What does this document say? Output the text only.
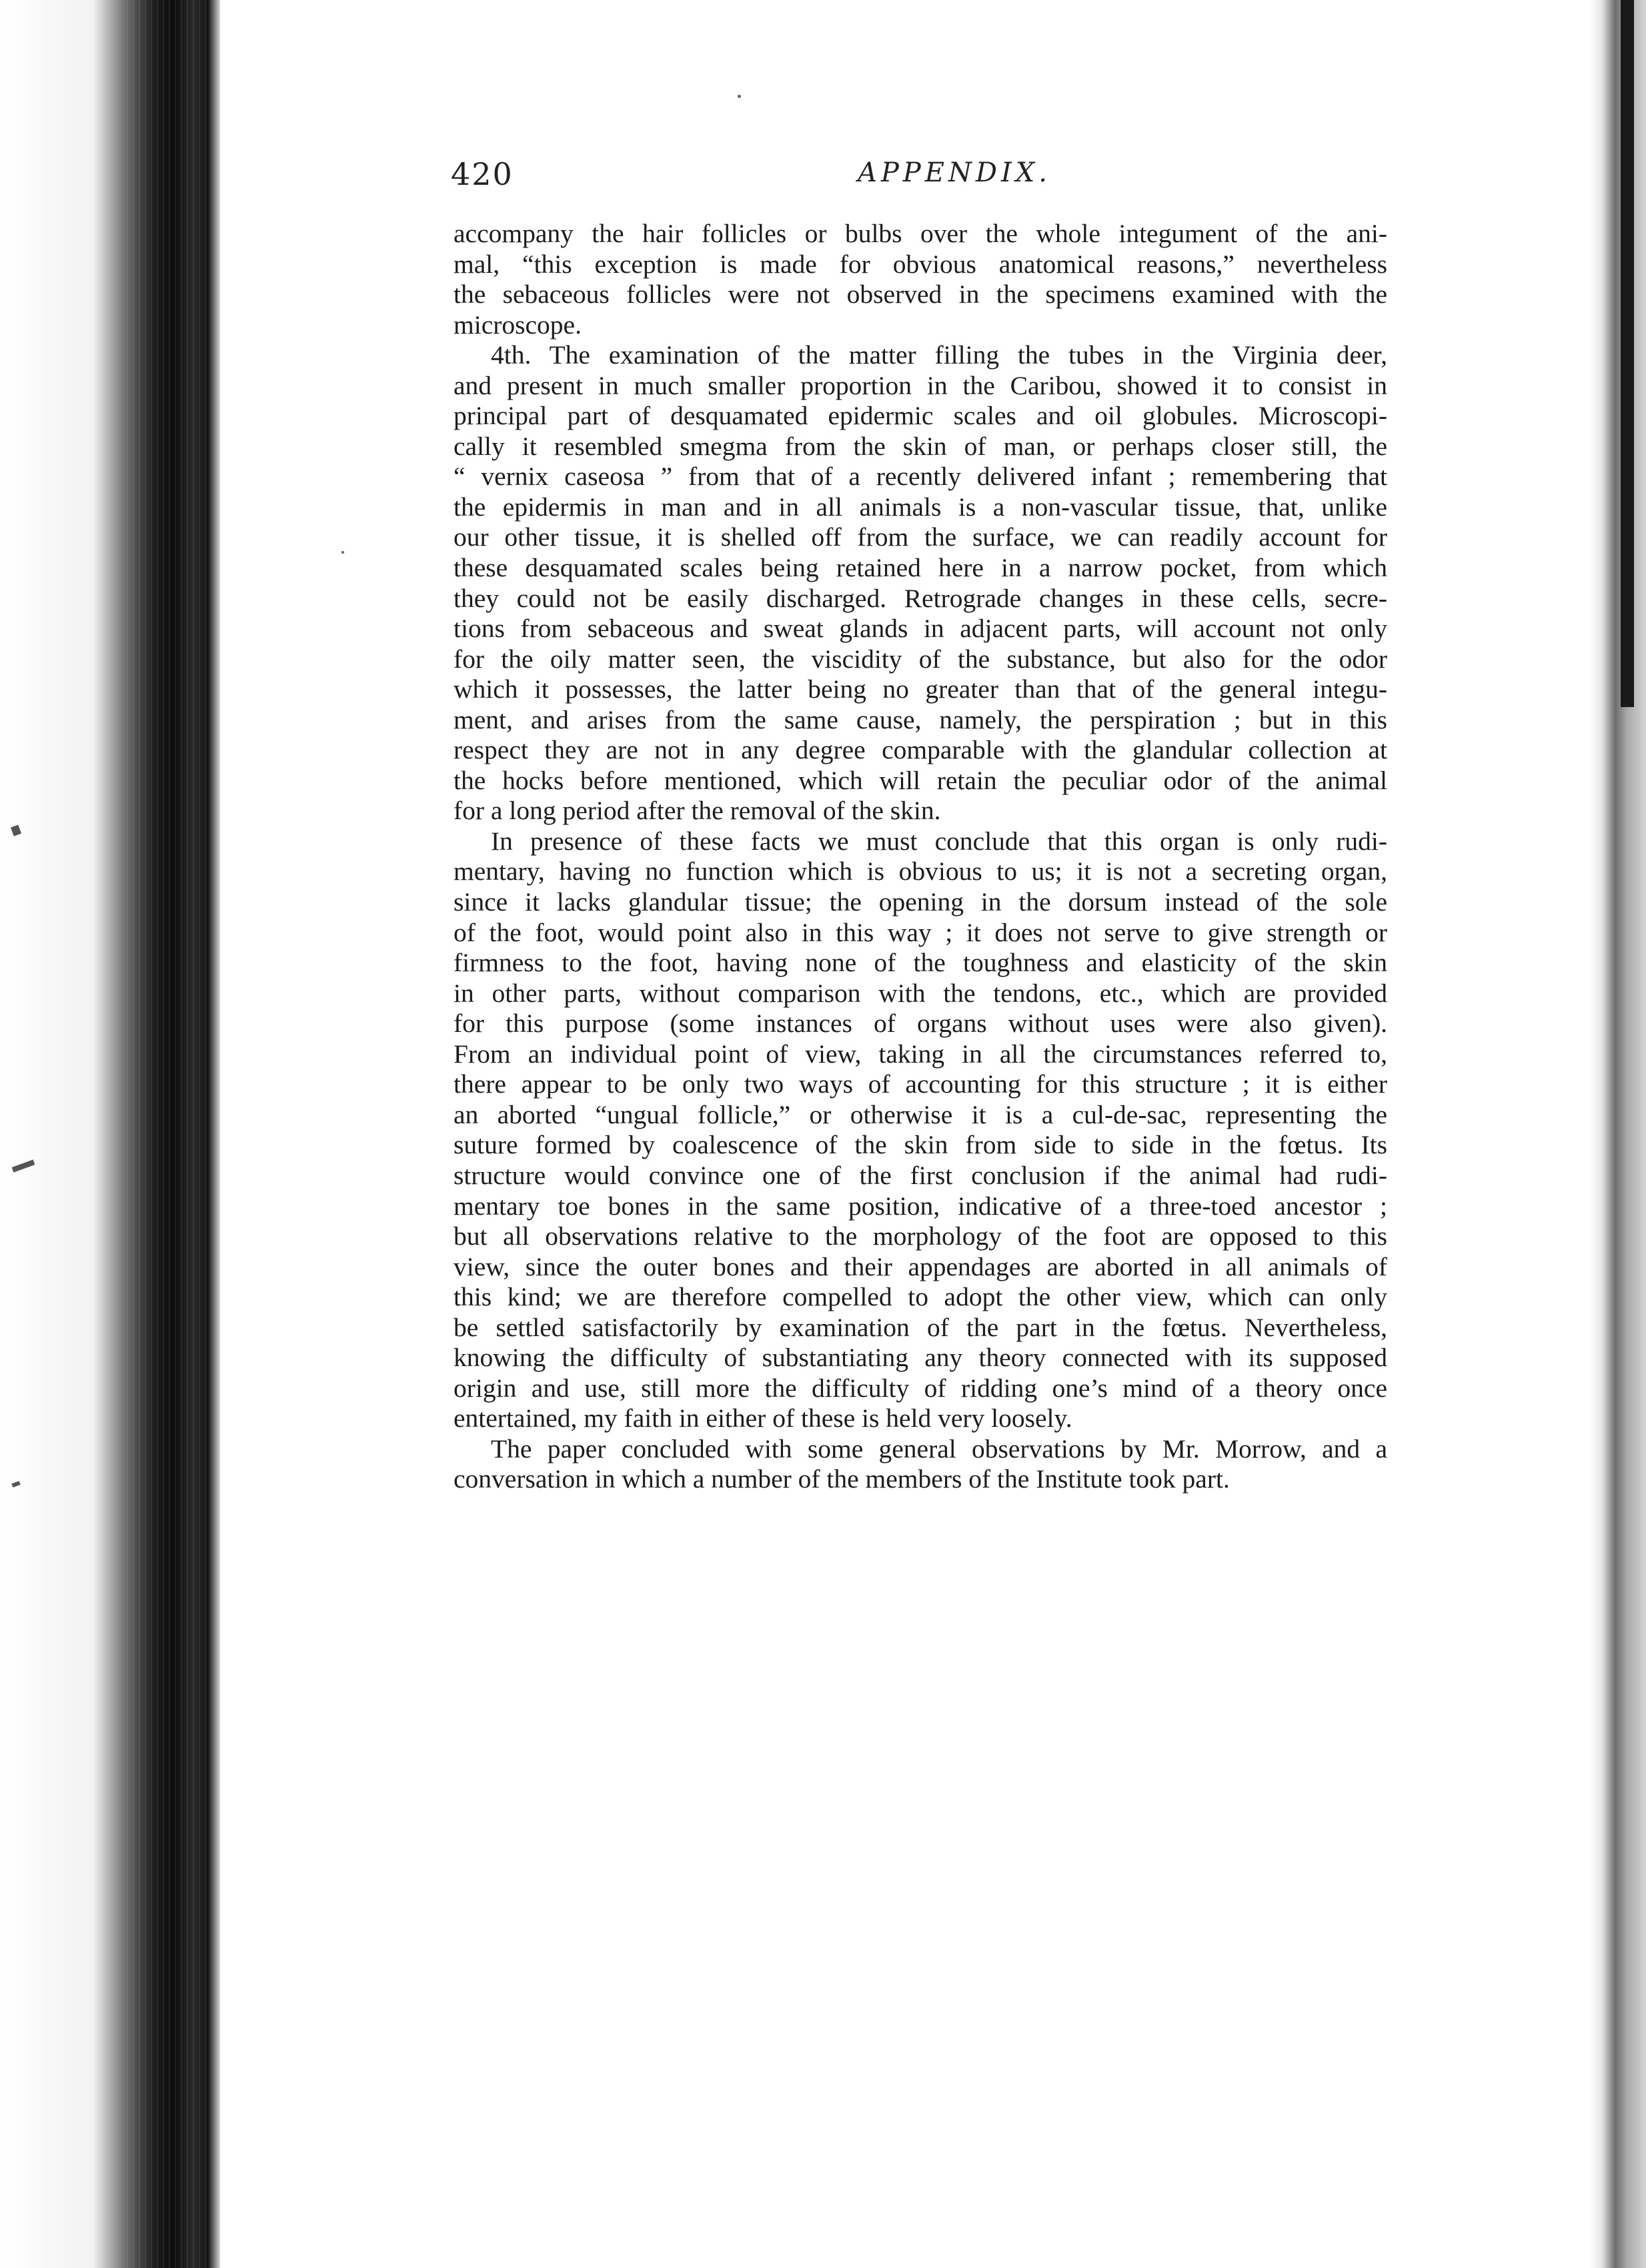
420	APPENDIX.
accompany the hair follicles or bulbs over the whole integument of the ani-
mal, “this exception is made for obvious anatomical reasons,” nevertheless
the sebaceous follicles were not observed in the specimens examined with the
microscope.
4th. The examination of the matter filling the tubes in the Virginia deer,
and present in much smaller proportion in the Caribou, showed it to consist in
principal part of desquamated epidermic scales and oil globules. Microscopi-
cally it resembled smegma from the skin of man, or perhaps closer still, the
“ vernix caseosa ” from that of a recently delivered infant ; remembering that
the epidermis in man and in all animals is a non-vascular tissue, that, unlike
our other tissue, it is shelled off from the surface, we can readily account for
these desquamated scales being retained here in a narrow pocket, from which
they could not be easily discharged. Retrograde changes in these cells, secre-
tions from sebaceous and sweat glands in adjacent parts, will account not only
for the oily matter seen, the viscidity of the substance, but also for the odor
which it possesses, the latter being no greater than that of the general integu-
ment, and arises from the same cause, namely, the perspiration ; but in this
respect they are not in any degree comparable with the glandular collection at
the hocks before mentioned, which will retain the peculiar odor of the animal
for a long period after the removal of the skin.
In presence of these facts we must conclude that this organ is only rudi-
mentary, having no function which is obvious to us; it is not a secreting organ,
since it lacks glandular tissue; the opening in the dorsum instead of the sole
of the foot, would point also in this way ; it does not serve to give strength or
firmness to the foot, having none of the toughness and elasticity of the skin
in other parts, without comparison with the tendons, etc., which are provided
for this purpose (some instances of organs without uses were also given).
From an individual point of view, taking in all the circumstances referred to,
there appear to be only two ways of accounting for this structure ; it is either
an aborted “ungual follicle,” or otherwise it is a cul-de-sac, representing the
suture formed by coalescence of the skin from side to side in the fœtus. Its
structure would convince one of the first conclusion if the animal had rudi-
mentary toe bones in the same position, indicative of a three-toed ancestor ;
but all observations relative to the morphology of the foot are opposed to this
view, since the outer bones and their appendages are aborted in all animals of
this kind; we are therefore compelled to adopt the other view, which can only
be settled satisfactorily by examination of the part in the fœtus. Nevertheless,
knowing the difficulty of substantiating any theory connected with its supposed
origin and use, still more the difficulty of ridding one’s mind of a theory once
entertained, my faith in either of these is held very loosely.
The paper concluded with some general observations by Mr. Morrow, and a
conversation in which a number of the members of the Institute took part.
